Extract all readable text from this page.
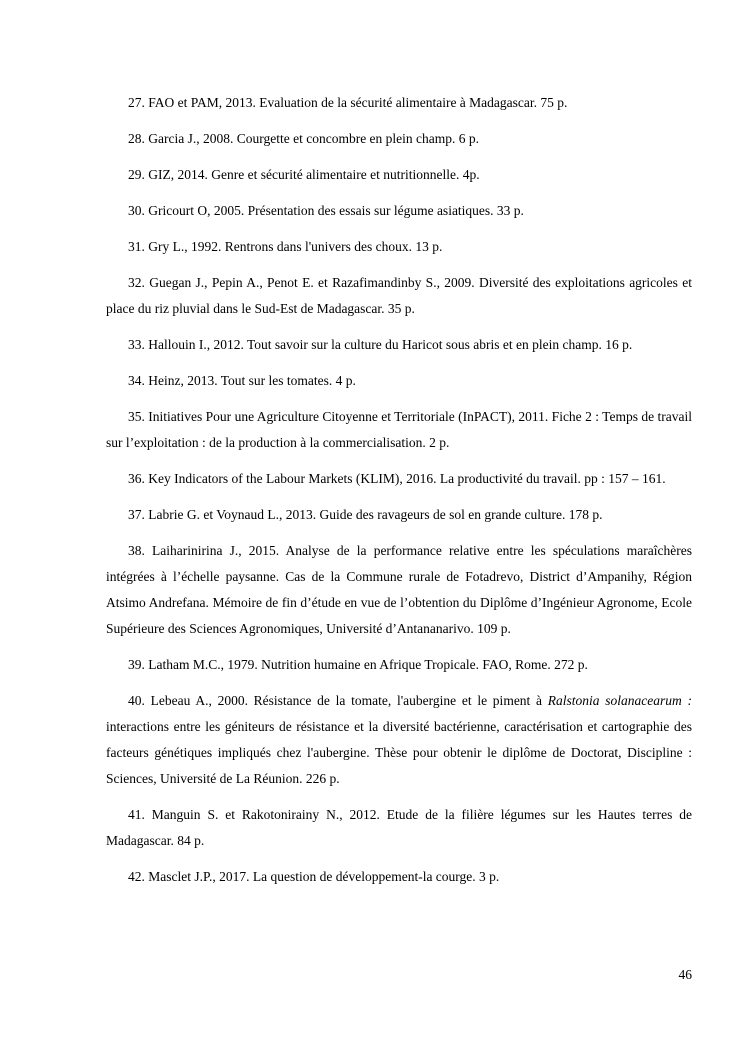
27. FAO et PAM, 2013. Evaluation de la sécurité alimentaire à Madagascar. 75 p.

28. Garcia J., 2008. Courgette et concombre en plein champ. 6 p.

29. GIZ, 2014. Genre et sécurité alimentaire et nutritionnelle. 4p.

30. Gricourt O, 2005. Présentation des essais sur légume asiatiques. 33 p.

31. Gry L., 1992. Rentrons dans l'univers des choux. 13 p.

32. Guegan J., Pepin A., Penot E. et Razafimandinby S., 2009. Diversité des exploitations agricoles et place du riz pluvial dans le Sud-Est de Madagascar. 35 p.

33. Hallouin I., 2012. Tout savoir sur la culture du Haricot sous abris et en plein champ. 16 p.

34. Heinz, 2013. Tout sur les tomates. 4 p.

35. Initiatives Pour une Agriculture Citoyenne et Territoriale (InPACT), 2011. Fiche 2 : Temps de travail sur l’exploitation : de la production à la commercialisation. 2 p.

36. Key Indicators of the Labour Markets (KLIM), 2016. La productivité du travail. pp : 157 – 161.

37. Labrie G. et Voynaud L., 2013. Guide des ravageurs de sol en grande culture. 178 p.

38. Laiharinirina J., 2015. Analyse de la performance relative entre les spéculations maraîchères intégrées à l’échelle paysanne. Cas de la Commune rurale de Fotadrevo, District d’Ampanihy, Région Atsimo Andrefana. Mémoire de fin d’étude en vue de l’obtention du Diplôme d’Ingénieur Agronome, Ecole Supérieure des Sciences Agronomiques, Université d’Antananarivo. 109 p.

39. Latham M.C., 1979. Nutrition humaine en Afrique Tropicale. FAO, Rome. 272 p.

40. Lebeau A., 2000. Résistance de la tomate, l'aubergine et le piment à Ralstonia solanacearum : interactions entre les géniteurs de résistance et la diversité bactérienne, caractérisation et cartographie des facteurs génétiques impliqués chez l'aubergine. Thèse pour obtenir le diplôme de Doctorat, Discipline : Sciences, Université de La Réunion. 226 p.

41. Manguin S. et Rakotonirainy N., 2012. Etude de la filière légumes sur les Hautes terres de Madagascar. 84 p.

42. Masclet J.P., 2017. La question de développement-la courge. 3 p.

46
